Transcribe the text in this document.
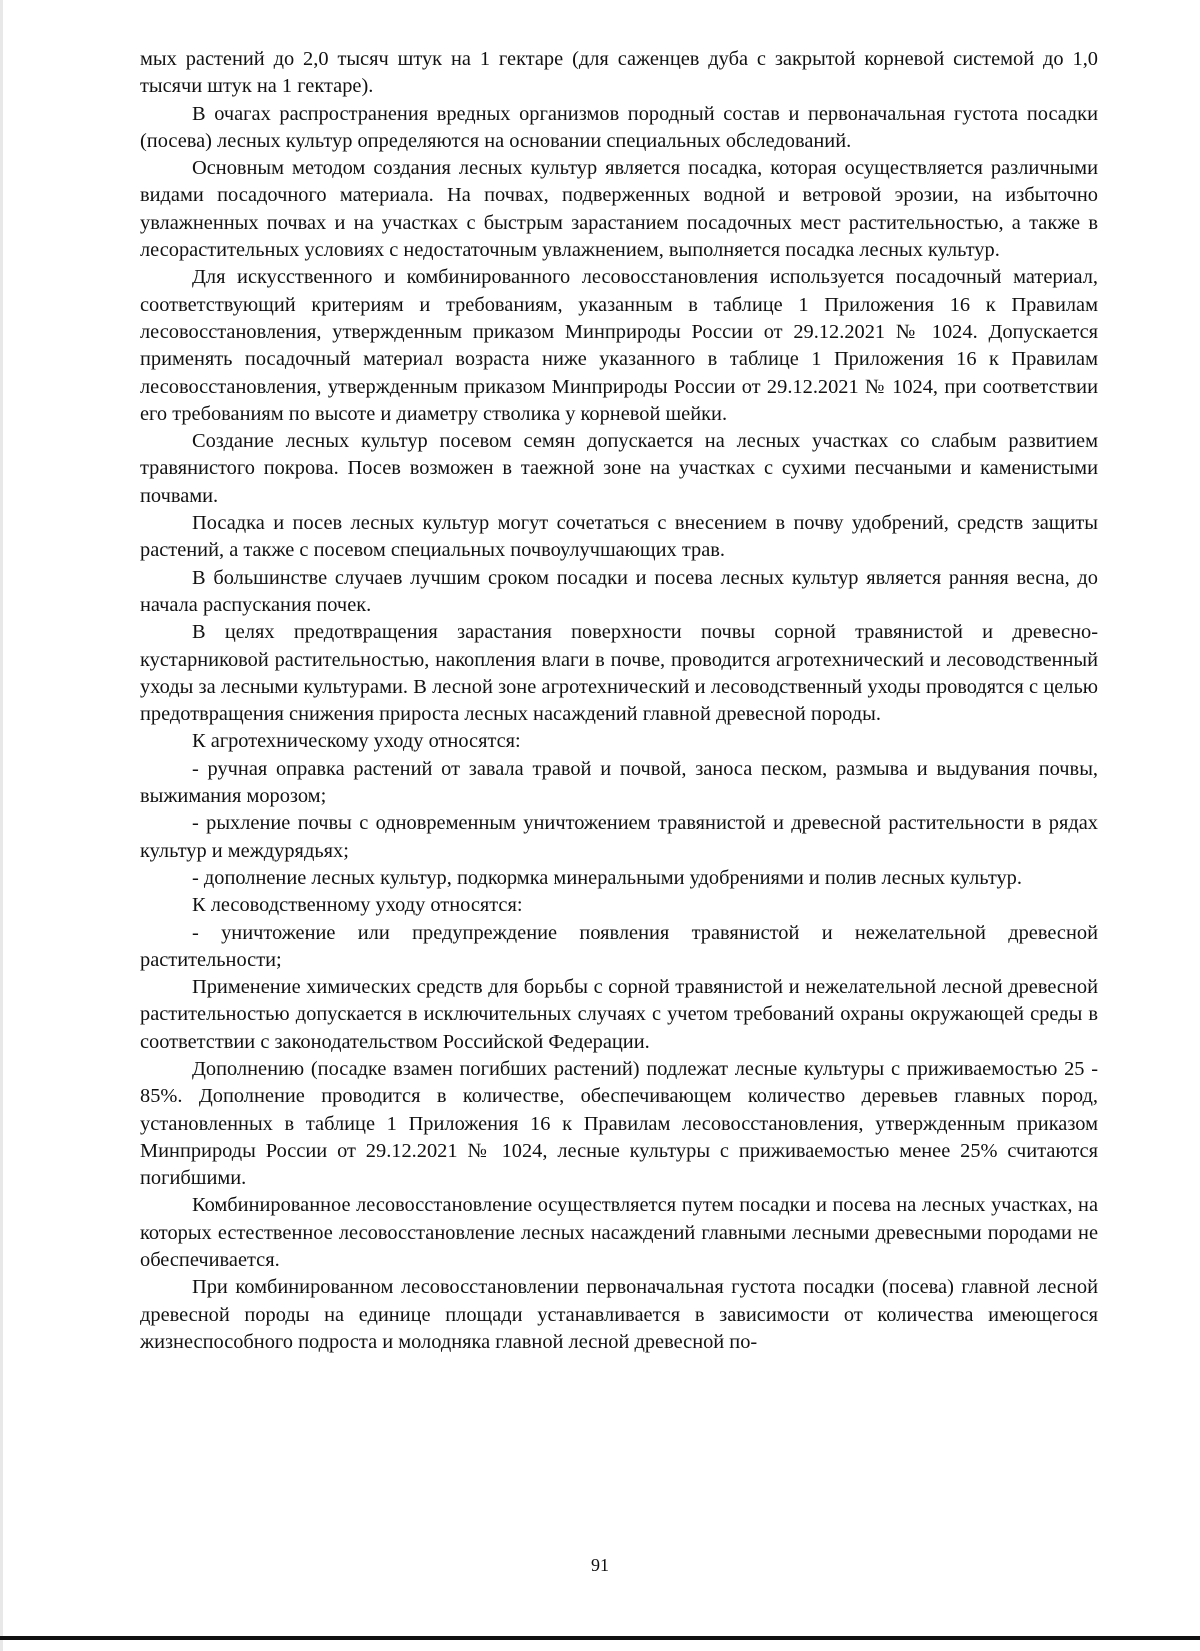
мых растений до 2,0 тысяч штук на 1 гектаре (для саженцев дуба с закрытой корневой системой до 1,0 тысячи штук на 1 гектаре).

В очагах распространения вредных организмов породный состав и первоначальная густота посадки (посева) лесных культур определяются на основании специальных обследований.

Основным методом создания лесных культур является посадка, которая осуществляется различными видами посадочного материала. На почвах, подверженных водной и ветровой эрозии, на избыточно увлажненных почвах и на участках с быстрым зарастанием посадочных мест растительностью, а также в лесорастительных условиях с недостаточным увлажнением, выполняется посадка лесных культур.

Для искусственного и комбинированного лесовосстановления используется посадочный материал, соответствующий критериям и требованиям, указанным в таблице 1 Приложения 16 к Правилам лесовосстановления, утвержденным приказом Минприроды России от 29.12.2021 № 1024. Допускается применять посадочный материал возраста ниже указанного в таблице 1 Приложения 16 к Правилам лесовосстановления, утвержденным приказом Минприроды России от 29.12.2021 № 1024, при соответствии его требованиям по высоте и диаметру стволика у корневой шейки.

Создание лесных культур посевом семян допускается на лесных участках со слабым развитием травянистого покрова. Посев возможен в таежной зоне на участках с сухими песчаными и каменистыми почвами.

Посадка и посев лесных культур могут сочетаться с внесением в почву удобрений, средств защиты растений, а также с посевом специальных почвоулучшающих трав.

В большинстве случаев лучшим сроком посадки и посева лесных культур является ранняя весна, до начала распускания почек.

В целях предотвращения зарастания поверхности почвы сорной травянистой и древесно-кустарниковой растительностью, накопления влаги в почве, проводится агротехнический и лесоводственный уходы за лесными культурами. В лесной зоне агротехнический и лесоводственный уходы проводятся с целью предотвращения снижения прироста лесных насаждений главной древесной породы.

К агротехническому уходу относятся:

- ручная оправка растений от завала травой и почвой, заноса песком, размыва и выдувания почвы, выжимания морозом;

- рыхление почвы с одновременным уничтожением травянистой и древесной растительности в рядах культур и междурядьях;

- дополнение лесных культур, подкормка минеральными удобрениями и полив лесных культур.

К лесоводственному уходу относятся:

- уничтожение или предупреждение появления травянистой и нежелательной древесной растительности;

Применение химических средств для борьбы с сорной травянистой и нежелательной лесной древесной растительностью допускается в исключительных случаях с учетом требований охраны окружающей среды в соответствии с законодательством Российской Федерации.

Дополнению (посадке взамен погибших растений) подлежат лесные культуры с приживаемостью 25 - 85%. Дополнение проводится в количестве, обеспечивающем количество деревьев главных пород, установленных в таблице 1 Приложения 16 к Правилам лесовосстановления, утвержденным приказом Минприроды России от 29.12.2021 № 1024, лесные культуры с приживаемостью менее 25% считаются погибшими.

Комбинированное лесовосстановление осуществляется путем посадки и посева на лесных участках, на которых естественное лесовосстановление лесных насаждений главными лесными древесными породами не обеспечивается.

При комбинированном лесовосстановлении первоначальная густота посадки (посева) главной лесной древесной породы на единице площади устанавливается в зависимости от количества имеющегося жизнеспособного подроста и молодняка главной лесной древесной по-

91
